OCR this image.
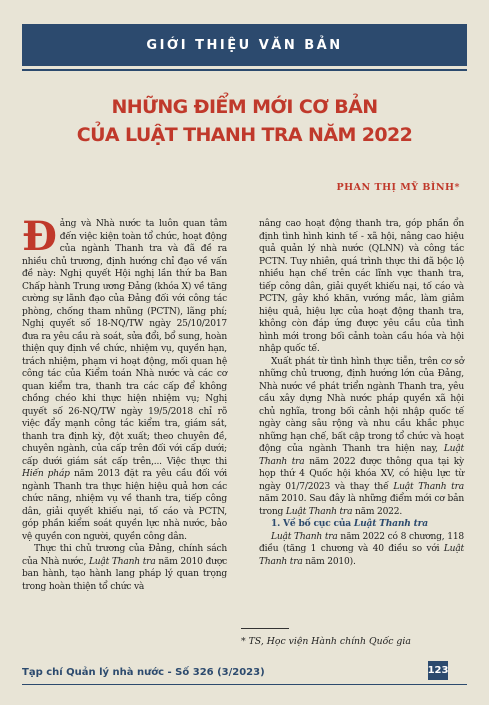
GIỚI THIỆU VĂN BẢN
NHỮNG ĐIỂM MỚI CƠ BẢN
CỦA LUẬT THANH TRA NĂM 2022
PHAN THỊ MỸ BÌNH*

Đảng và Nhà nước ta luôn quan tâm đến việc kiện toàn tổ chức, hoạt động của ngành Thanh tra và đã đề ra nhiều chủ trương, định hướng chỉ đạo về vấn đề này: Nghị quyết Hội nghị lần thứ ba Ban Chấp hành Trung ương Đảng (khóa X) về tăng cường sự lãnh đạo của Đảng đối với công tác phòng, chống tham nhũng (PCTN), lãng phí; Nghị quyết số 18-NQ/TW ngày 25/10/2017 đưa ra yêu cầu rà soát, sửa đổi, bổ sung, hoàn thiện quy định về chức, nhiệm vụ, quyền hạn, trách nhiệm, phạm vi hoạt động, mối quan hệ công tác của Kiểm toán Nhà nước và các cơ quan kiểm tra, thanh tra các cấp để không chồng chéo khi thực hiện nhiệm vụ; Nghị quyết số 26-NQ/TW ngày 19/5/2018 chỉ rõ việc đẩy mạnh công tác kiểm tra, giám sát, thanh tra định kỳ, đột xuất; theo chuyên đề, chuyên ngành, của cấp trên đối với cấp dưới; cấp dưới giám sát cấp trên,... Việc thực thi Hiến pháp năm 2013 đặt ra yêu cầu đối với ngành Thanh tra thực hiện hiệu quả hơn các chức năng, nhiệm vụ về thanh tra, tiếp công dân, giải quyết khiếu nại, tố cáo và PCTN, góp phần kiểm soát quyền lực nhà nước, bảo vệ quyền con người, quyền công dân.

Thực thi chủ trương của Đảng, chính sách của Nhà nước, Luật Thanh tra năm 2010 được ban hành, tạo hành lang pháp lý quan trọng trong hoàn thiện tổ chức và

nâng cao hoạt động thanh tra, góp phần ổn định tình hình kinh tế - xã hội, nâng cao hiệu quả quản lý nhà nước (QLNN) và công tác PCTN. Tuy nhiên, quá trình thực thi đã bộc lộ nhiều hạn chế trên các lĩnh vực thanh tra, tiếp công dân, giải quyết khiếu nại, tố cáo và PCTN, gây khó khăn, vướng mắc, làm giảm hiệu quả, hiệu lực của hoạt động thanh tra, không còn đáp ứng được yêu cầu của tình hình mới trong bối cảnh toàn cầu hóa và hội nhập quốc tế.

Xuất phát từ tình hình thực tiễn, trên cơ sở những chủ trương, định hướng lớn của Đảng, Nhà nước về phát triển ngành Thanh tra, yêu cầu xây dựng Nhà nước pháp quyền xã hội chủ nghĩa, trong bối cảnh hội nhập quốc tế ngày càng sâu rộng và nhu cầu khắc phục những hạn chế, bất cập trong tổ chức và hoạt động của ngành Thanh tra hiện nay, Luật Thanh tra năm 2022 được thông qua tại kỳ họp thứ 4 Quốc hội khóa XV, có hiệu lực từ ngày 01/7/2023 và thay thế Luật Thanh tra năm 2010. Sau đây là những điểm mới cơ bản trong Luật Thanh tra năm 2022.

1. Về bố cục của Luật Thanh tra

Luật Thanh tra năm 2022 có 8 chương, 118 điều (tăng 1 chương và 40 điều so với Luật Thanh tra năm 2010).

* TS, Học viện Hành chính Quốc gia
Tạp chí Quản lý nhà nước - Số 326 (3/2023)	123
